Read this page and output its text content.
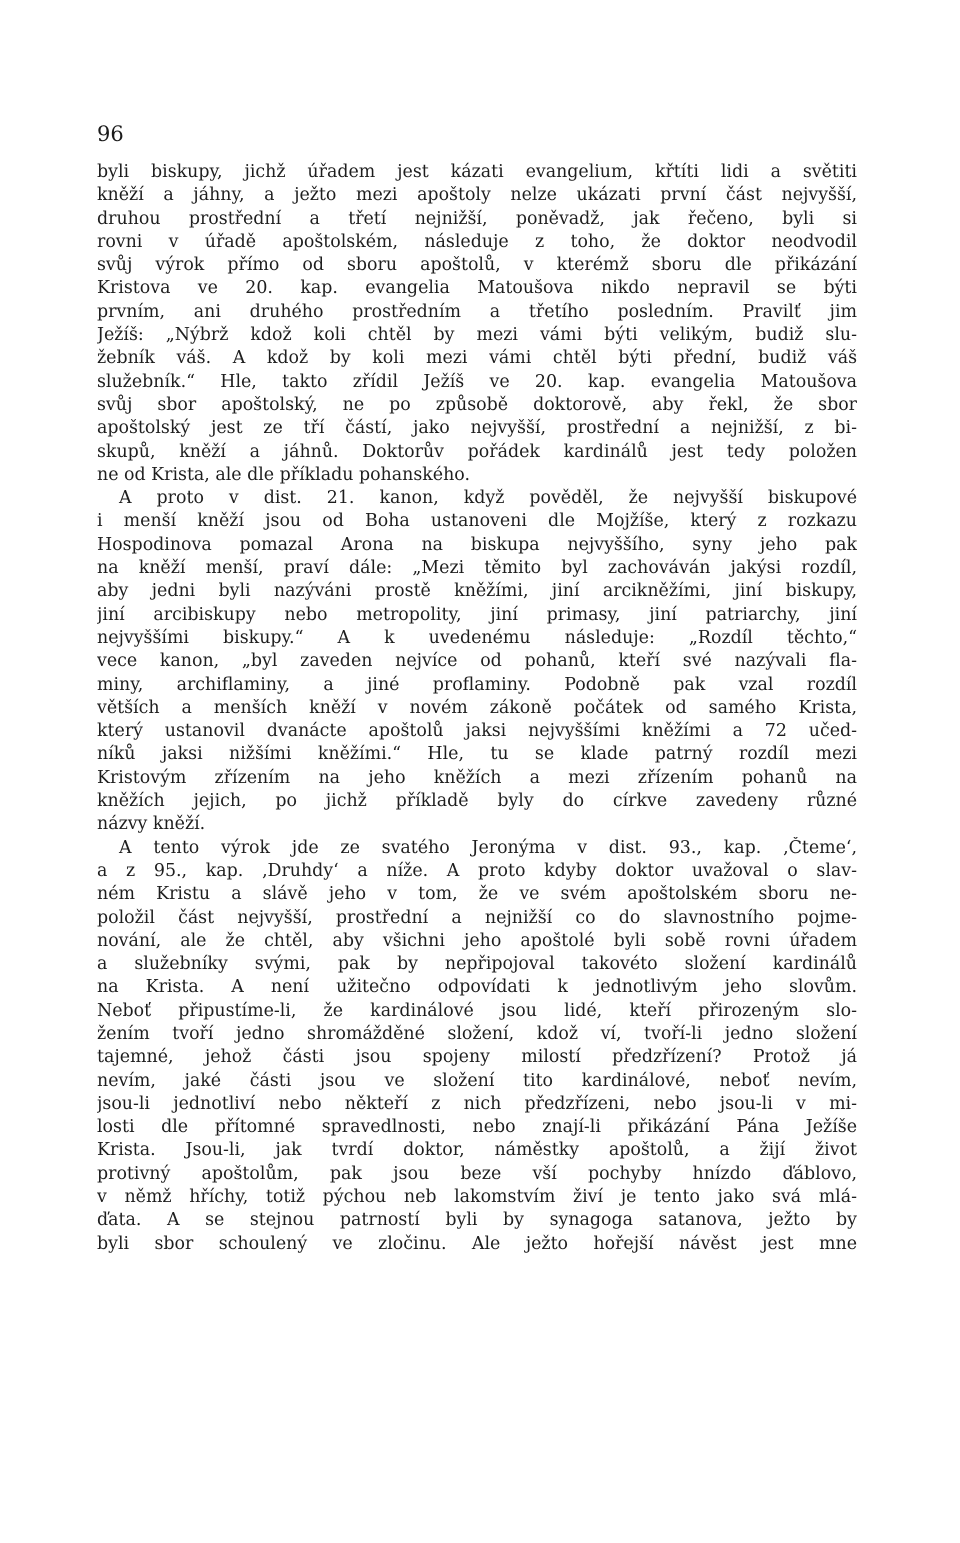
96
byli biskupy, jichž úřadem jest kázati evangelium, křtíti lidi a světiti
kněží a jáhny, a ježto mezi apoštoly nelze ukázati první část nejvyšší,
druhou prostřední a třetí nejnižší, poněvadž, jak řečeno, byli si
rovni v úřadě apoštolském, následuje z toho, že doktor neodvodil
svůj výrok přímo od sboru apoštolů, v kterémž sboru dle přikázání
Kristova ve 20. kap. evangelia Matoušova nikdo nepravil se býti
prvním, ani druhého prostředním a třetího posledním. Pravilť jim
Ježíš: „Nýbrž kdož koli chtěl by mezi vámi býti velikým, budiž slu-
žebník váš. A kdož by koli mezi vámi chtěl býti přední, budiž váš
služebník.“ Hle, takto zřídil Ježíš ve 20. kap. evangelia Matoušova
svůj sbor apoštolský, ne po způsobě doktorově, aby řekl, že sbor
apoštolský jest ze tří částí, jako nejvyšší, prostřední a nejnižší, z bi-
skupů, kněží a jáhnů. Doktorův pořádek kardinálů jest tedy položen
ne od Krista, ale dle příkladu pohanského.
A proto v dist. 21. kanon, když pověděl, že nejvyšší biskupové
i menší kněží jsou od Boha ustanoveni dle Mojžíše, který z rozkazu
Hospodinova pomazal Arona na biskupa nejvyššího, syny jeho pak
na kněží menší, praví dále: „Mezi těmito byl zachováván jakýsi rozdíl,
aby jedni byli nazýváni prostě kněžími, jiní arcikněžími, jiní biskupy,
jiní arcibiskupy nebo metropolity, jiní primasy, jiní patriarchy, jiní
nejvyššími biskupy.“ A k uvedenému následuje: „Rozdíl těchto,“
vece kanon, „byl zaveden nejvíce od pohanů, kteří své nazývali fla-
miny, archiflaminy, a jiné proflaminy. Podobně pak vzal rozdíl
větších a menších kněží v novém zákoně počátek od samého Krista,
který ustanovil dvanácte apoštolů jaksi nejvyššími kněžími a 72 učed-
níků jaksi nižšími kněžími.“ Hle, tu se klade patrný rozdíl mezi
Kristovým zřízením na jeho kněžích a mezi zřízením pohanů na
kněžích jejich, po jichž příkladě byly do církve zavedeny různé
názvy kněží.
A tento výrok jde ze svatého Jeronýma v dist. 93., kap. ‚Čteme‘,
a z 95., kap. ‚Druhdy‘ a níže. A proto kdyby doktor uvažoval o slav-
ném Kristu a slávě jeho v tom, že ve svém apoštolském sboru ne-
položil část nejvyšší, prostřední a nejnižší co do slavnostního pojme-
nování, ale že chtěl, aby všichni jeho apoštolé byli sobě rovni úřadem
a služebníky svými, pak by nepřipojoval takovéto složení kardinálů
na Krista. A není užitečno odpovídati k jednotlivým jeho slovům.
Neboť připustíme-li, že kardinálové jsou lidé, kteří přirozeným slo-
žením tvoří jedno shromážděné složení, kdož ví, tvoří-li jedno složení
tajemné, jehož části jsou spojeny milostí předzřízení? Protož já
nevím, jaké části jsou ve složení tito kardinálové, neboť nevím,
jsou-li jednotliví nebo někteří z nich předzřízeni, nebo jsou-li v mi-
losti dle přítomné spravedlnosti, nebo znají-li přikázání Pána Ježíše
Krista. Jsou-li, jak tvrdí doktor, náměstky apoštolů, a žijí život
protivný apoštolům, pak jsou beze vší pochyby hnízdo ďáblovo,
v němž hříchy, totiž pýchou neb lakomstvím živí je tento jako svá mlá-
ďata. A se stejnou patrností byli by synagoga satanova, ježto by
byli sbor schoulený ve zločinu. Ale ježto hořejší návěst jest mne
